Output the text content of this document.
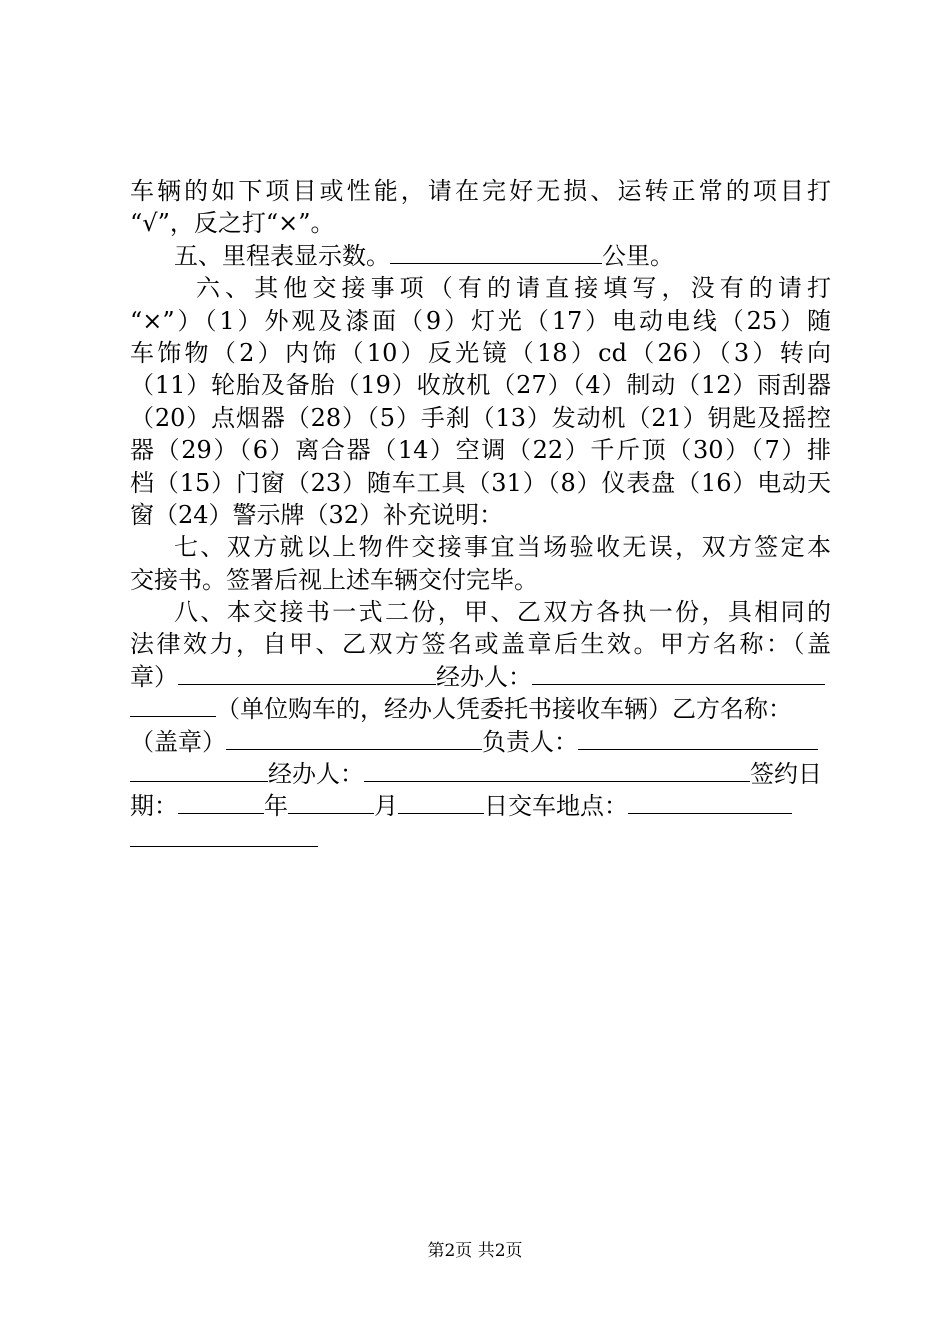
车辆的如下项目或性能，请在完好无损、运转正常的项目打
“√”，反之打“×”。
五、里程表显示数。	公里。
六、其他交接事项（有的请直接填写，没有的请打
“×”）（1）外观及漆面（9）灯光（17）电动电线（25）随
车饰物（2）内饰（10）反光镜（18）cd（26）（3）转向
（11）轮胎及备胎（19）收放机（27）（4）制动（12）雨刮器
（20）点烟器（28）（5）手刹（13）发动机（21）钥匙及摇控
器（29）（6）离合器（14）空调（22）千斤顶（30）（7）排
档（15）门窗（23）随车工具（31）（8）仪表盘（16）电动天
窗（24）警示牌（32）补充说明：
七、双方就以上物件交接事宜当场验收无误，双方签定本
交接书。签署后视上述车辆交付完毕。
八、本交接书一式二份，甲、乙双方各执一份，具相同的
法律效力，自甲、乙双方签名或盖章后生效。甲方名称：（盖
章）	经办人：
（单位购车的，经办人凭委托书接收车辆）乙方名称：
（盖章）	负责人：
经办人：	签约日
期：	年	月	日交车地点：
第2页 共2页
